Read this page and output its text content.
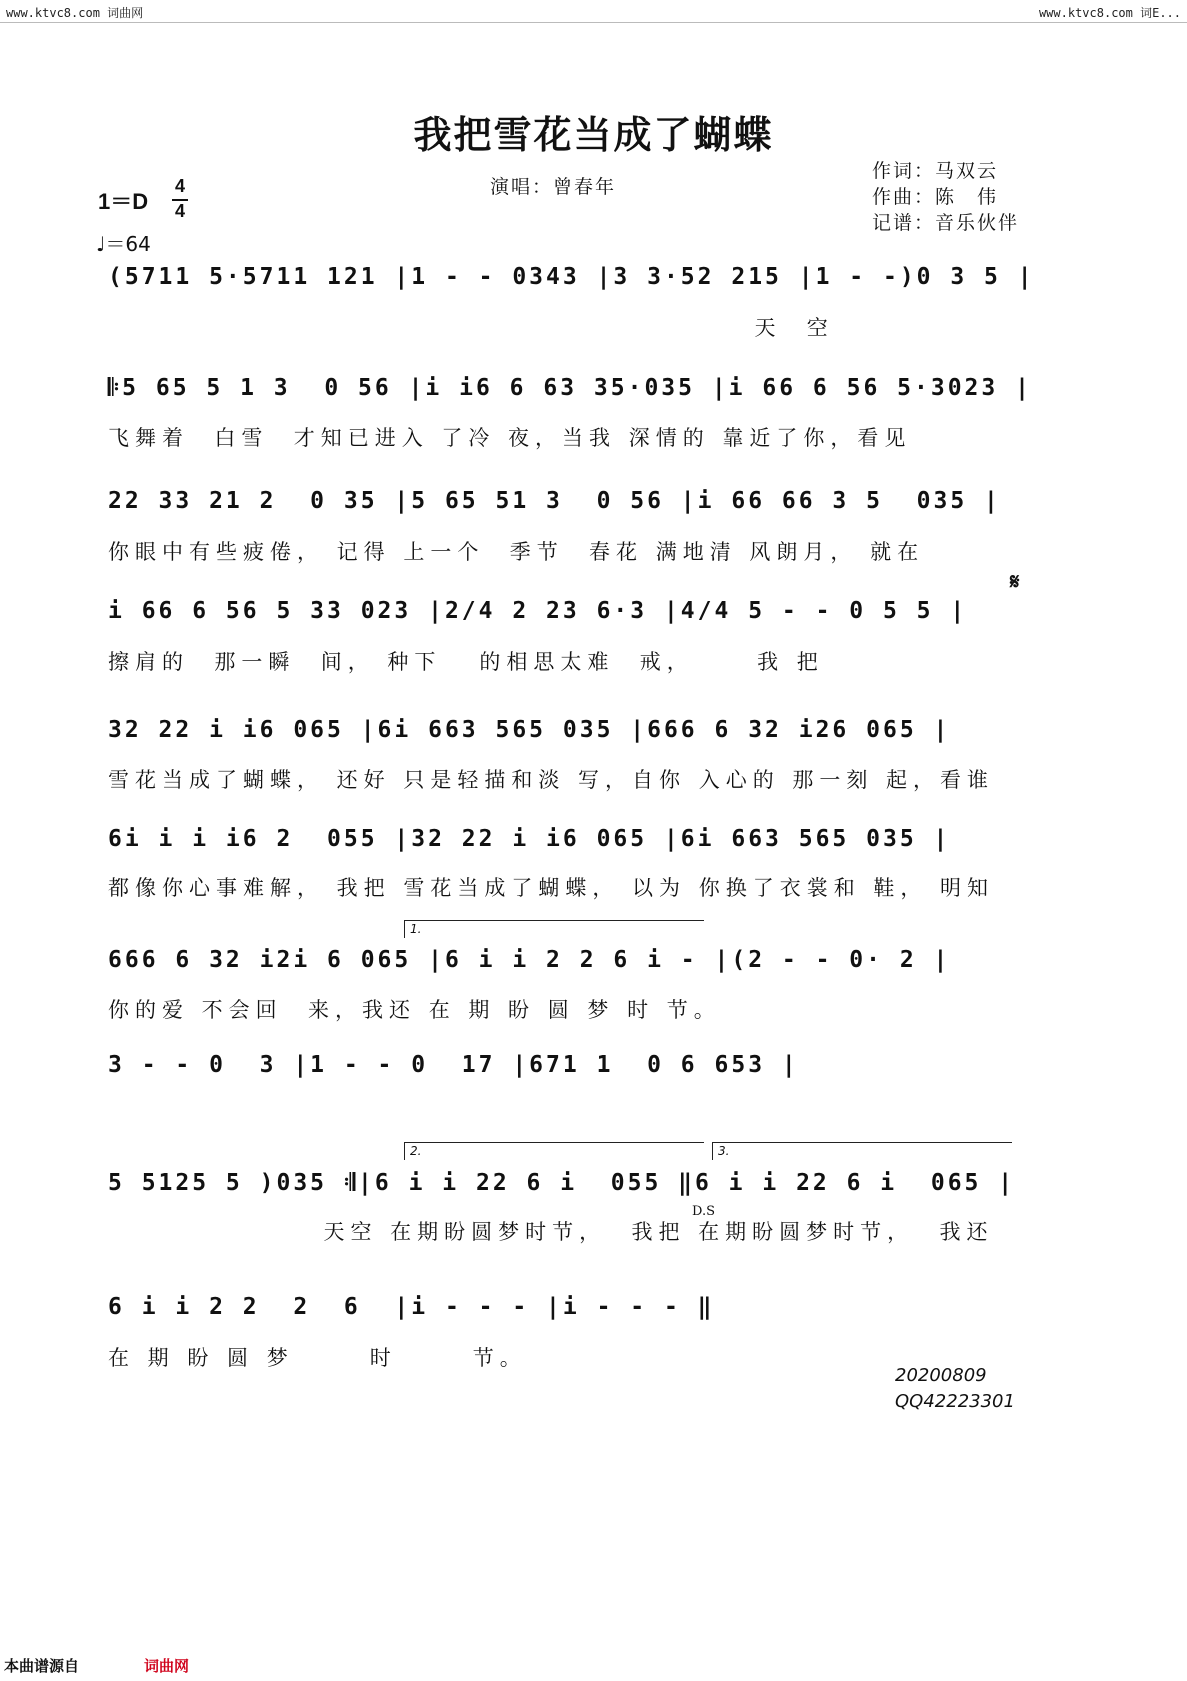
www.ktvc8.com 词曲网	www.ktvc8.com 词E...
我把雪花当成了蝴蝶
演唱：曾春年
作词：马双云
作曲：陈　伟
记谱：音乐伙伴
1＝D
4
4
♩＝64
(5711 5·5711 121 |1 - - 0343 |3 3·52 215 |1 - -)0 3 5 |
天  空
𝄆5 65 5 1 3  0 56 |i i6 6 63 35·035 |i 66 6 56 5·3023 |
飞舞着  白雪  才知已进入 了冷 夜，当我 深情的 靠近了你，看见
22 33 21 2  0 35 |5 65 51 3  0 56 |i 66 66 3 5  035 |
你眼中有些疲倦， 记得 上一个  季节  春花 满地清 风朗月， 就在
i 66 6 56 5 33 023 |2/4 2 23 6·3 |4/4 5 - - 0 5 5 |
擦肩的  那一瞬  间， 种下   的相思太难  戒，     我 把
𝄋
32 22 i i6 065 |6i 663 565 035 |666 6 32 i26 065 |
雪花当成了蝴蝶， 还好 只是轻描和淡 写，自你 入心的 那一刻 起，看谁
6i i i i6 2  055 |32 22 i i6 065 |6i 663 565 035 |
都像你心事难解， 我把 雪花当成了蝴蝶， 以为 你换了衣裳和 鞋， 明知
1.
666 6 32 i2i 6 065 |6 i i 2 2 6 i - |(2 - - 0· 2 |
你的爱 不会回  来，我还 在 期 盼 圆 梦 时 节。
3 - - 0  3 |1 - - 0  17 |671 1  0 6 653 |
2.	3.
5 5125 5 )035 𝄇|6 i i 22 6 i  055 ‖6 i i 22 6 i  065 |
D.S
天空 在期盼圆梦时节，  我把 在期盼圆梦时节，  我还
6 i i 2 2  2  6  |i - - - |i - - - ‖
在 期 盼 圆 梦      时      节。
20200809
QQ42223301
本曲谱源自	词曲网
